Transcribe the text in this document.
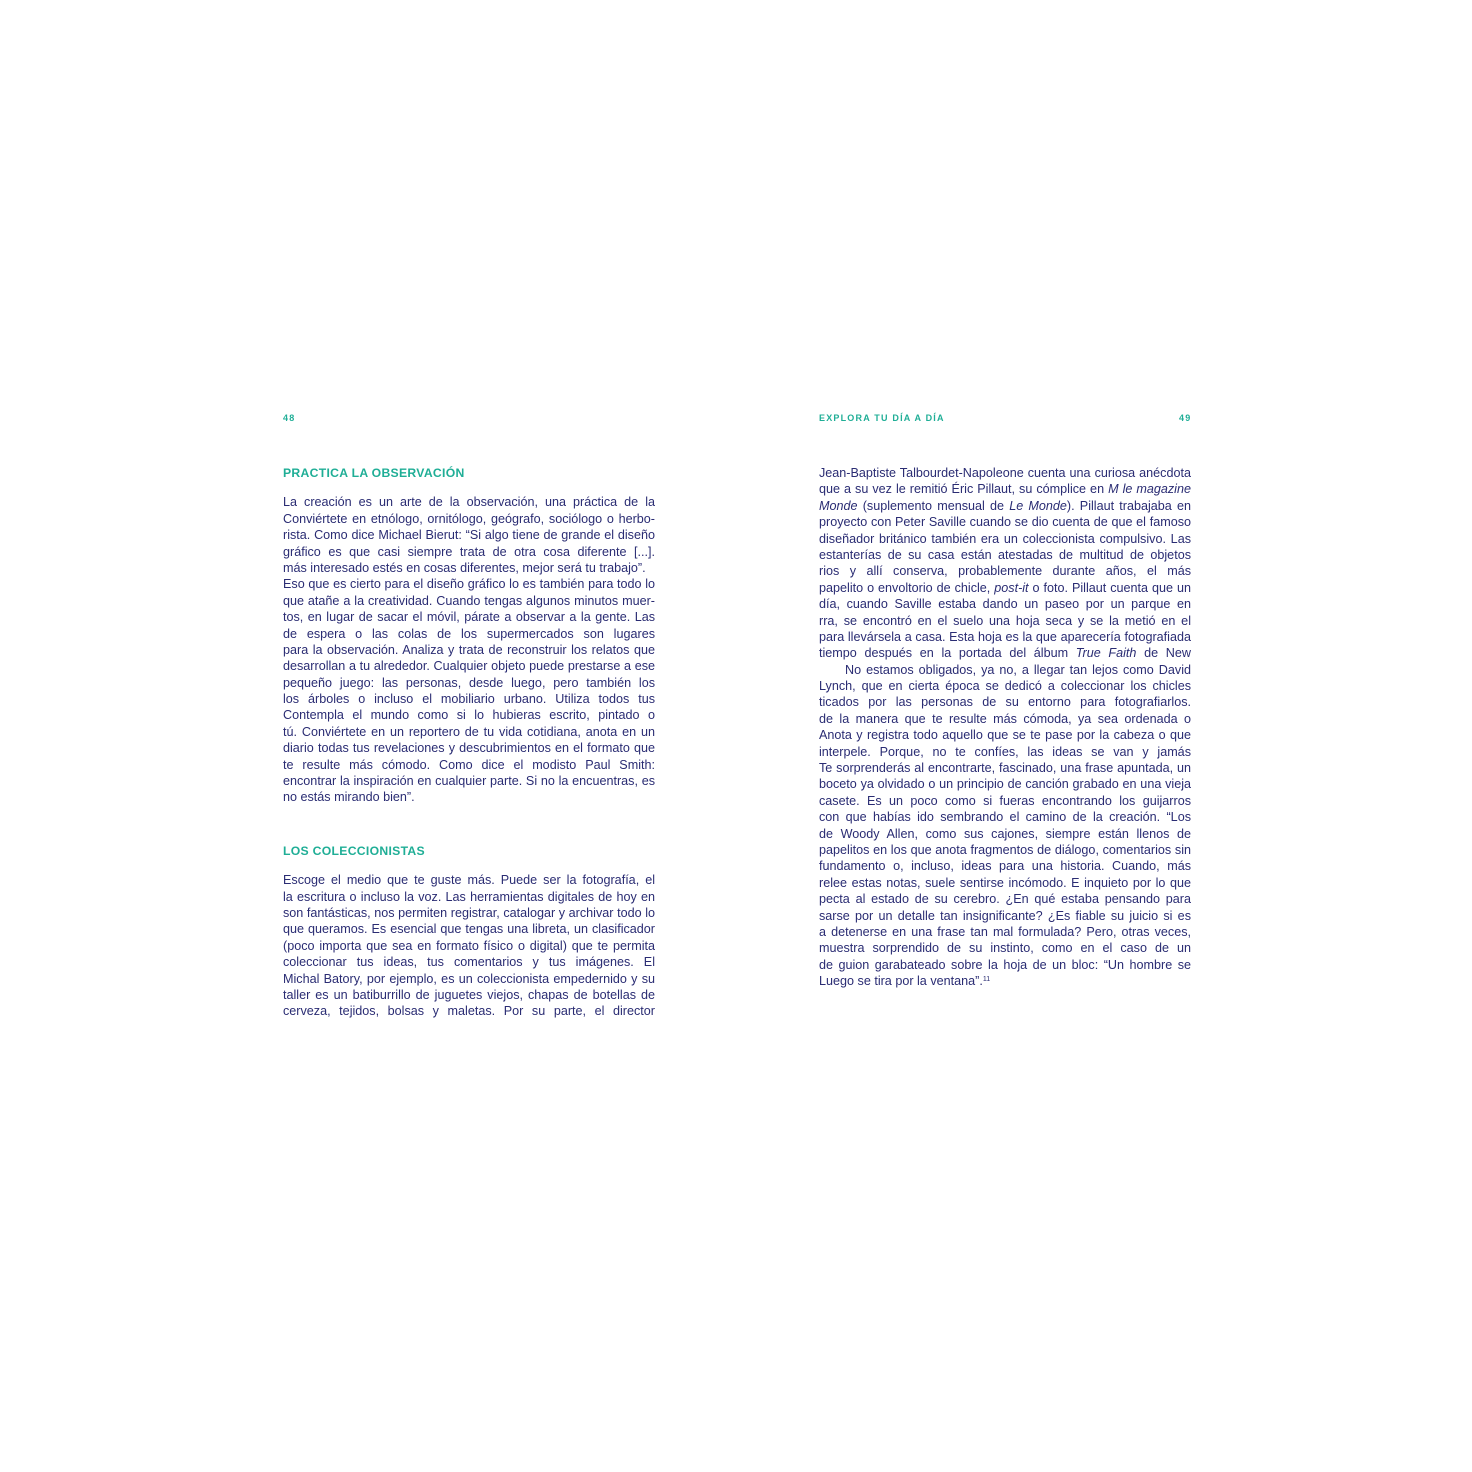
48	EXPLORA TU DÍA A DÍA	49
PRACTICA LA OBSERVACIÓN
La creación es un arte de la observación, una práctica de la
Conviértete en etnólogo, ornitólogo, geógrafo, sociólogo o herbo-
rista. Como dice Michael Bierut: “Si algo tiene de grande el diseño
gráfico es que casi siempre trata de otra cosa diferente [...].
más interesado estés en cosas diferentes, mejor será tu trabajo”.
Eso que es cierto para el diseño gráfico lo es también para todo lo
que atañe a la creatividad. Cuando tengas algunos minutos muer-
tos, en lugar de sacar el móvil, párate a observar a la gente. Las
de espera o las colas de los supermercados son lugares
para la observación. Analiza y trata de reconstruir los relatos que
desarrollan a tu alrededor. Cualquier objeto puede prestarse a ese
pequeño juego: las personas, desde luego, pero también los
los árboles o incluso el mobiliario urbano. Utiliza todos tus
Contempla el mundo como si lo hubieras escrito, pintado o
tú. Conviértete en un reportero de tu vida cotidiana, anota en un
diario todas tus revelaciones y descubrimientos en el formato que
te resulte más cómodo. Como dice el modisto Paul Smith:
encontrar la inspiración en cualquier parte. Si no la encuentras, es
no estás mirando bien”.
LOS COLECCIONISTAS
Escoge el medio que te guste más. Puede ser la fotografía, el
la escritura o incluso la voz. Las herramientas digitales de hoy en
son fantásticas, nos permiten registrar, catalogar y archivar todo lo
que queramos. Es esencial que tengas una libreta, un clasificador
(poco importa que sea en formato físico o digital) que te permita
coleccionar tus ideas, tus comentarios y tus imágenes. El
Michal Batory, por ejemplo, es un coleccionista empedernido y su
taller es un batiburrillo de juguetes viejos, chapas de botellas de
cerveza, tejidos, bolsas y maletas. Por su parte, el director
Jean-Baptiste Talbourdet-Napoleone cuenta una curiosa anécdota
que a su vez le remitió Éric Pillaut, su cómplice en M le magazine
Monde (suplemento mensual de Le Monde). Pillaut trabajaba en
proyecto con Peter Saville cuando se dio cuenta de que el famoso
diseñador británico también era un coleccionista compulsivo. Las
estanterías de su casa están atestadas de multitud de objetos
rios y allí conserva, probablemente durante años, el más
papelito o envoltorio de chicle, post-it o foto. Pillaut cuenta que un
día, cuando Saville estaba dando un paseo por un parque en
rra, se encontró en el suelo una hoja seca y se la metió en el
para llevársela a casa. Esta hoja es la que aparecería fotografiada
tiempo después en la portada del álbum True Faith de New
No estamos obligados, ya no, a llegar tan lejos como David
Lynch, que en cierta época se dedicó a coleccionar los chicles
ticados por las personas de su entorno para fotografiarlos.
de la manera que te resulte más cómoda, ya sea ordenada o
Anota y registra todo aquello que se te pase por la cabeza o que
interpele. Porque, no te confíes, las ideas se van y jamás
Te sorprenderás al encontrarte, fascinado, una frase apuntada, un
boceto ya olvidado o un principio de canción grabado en una vieja
casete. Es un poco como si fueras encontrando los guijarros
con que habías ido sembrando el camino de la creación. “Los
de Woody Allen, como sus cajones, siempre están llenos de
papelitos en los que anota fragmentos de diálogo, comentarios sin
fundamento o, incluso, ideas para una historia. Cuando, más
relee estas notas, suele sentirse incómodo. E inquieto por lo que
pecta al estado de su cerebro. ¿En qué estaba pensando para
sarse por un detalle tan insignificante? ¿Es fiable su juicio si es
a detenerse en una frase tan mal formulada? Pero, otras veces,
muestra sorprendido de su instinto, como en el caso de un
de guion garabateado sobre la hoja de un bloc: “Un hombre se
Luego se tira por la ventana”.$^{11}$
